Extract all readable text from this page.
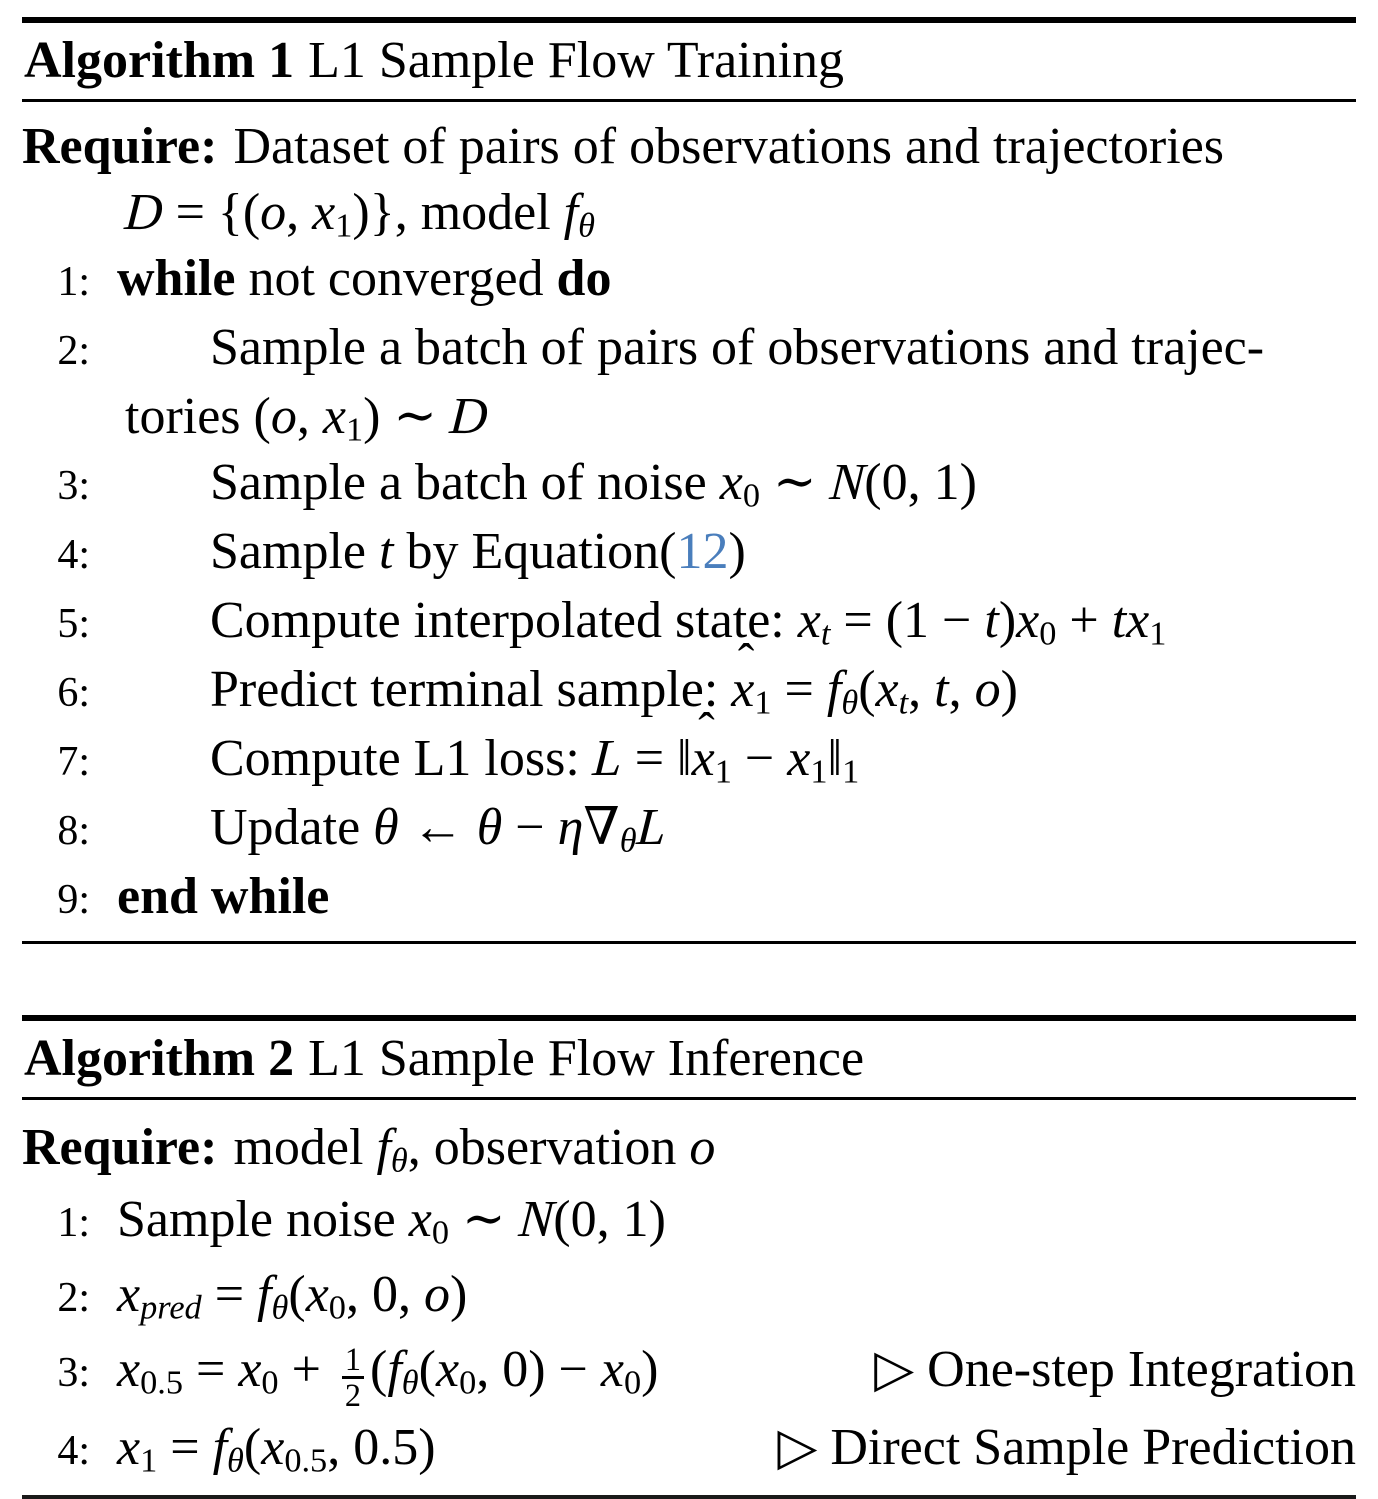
Algorithm 1 L1 Sample Flow Training
Require: Dataset of pairs of observations and trajectories
D = {(o, $x_1$)}, model $f_\theta$
1: while not converged do
2: Sample a batch of pairs of observations and trajec-
tories (o, $x_1$) ∼ D
3: Sample a batch of noise $x_0$ ∼ N(0, 1)
4: Sample t by Equation(12)
5: Compute interpolated state: $x_t = (1 - t)x_0 + tx_1$
6: Predict terminal sample: x ˆ$_1$ = $f_\theta(x_t$, t, o)
7: Compute L1 loss: L = ‖x ˆ$_1$ − $x_1‖_1$
8: Update θ ← $\theta - \eta\nabla_\theta L$
9: end while
Algorithm 2 L1 Sample Flow Inference
Require: model $f_\theta$, observation o
1: Sample noise $x_0$ ∼ N(0, 1)
2: $x_{pred} = f_\theta(x_0$, 0, o)
3: $x_{0.5} = x_0 + \frac{1}{2} (f_\theta(x_0$, $0) - x_0$)	▷ One-step Integration
4: $x_1 = f_\theta(x_{0.5}$, 0.5)	▷ Direct Sample Prediction
